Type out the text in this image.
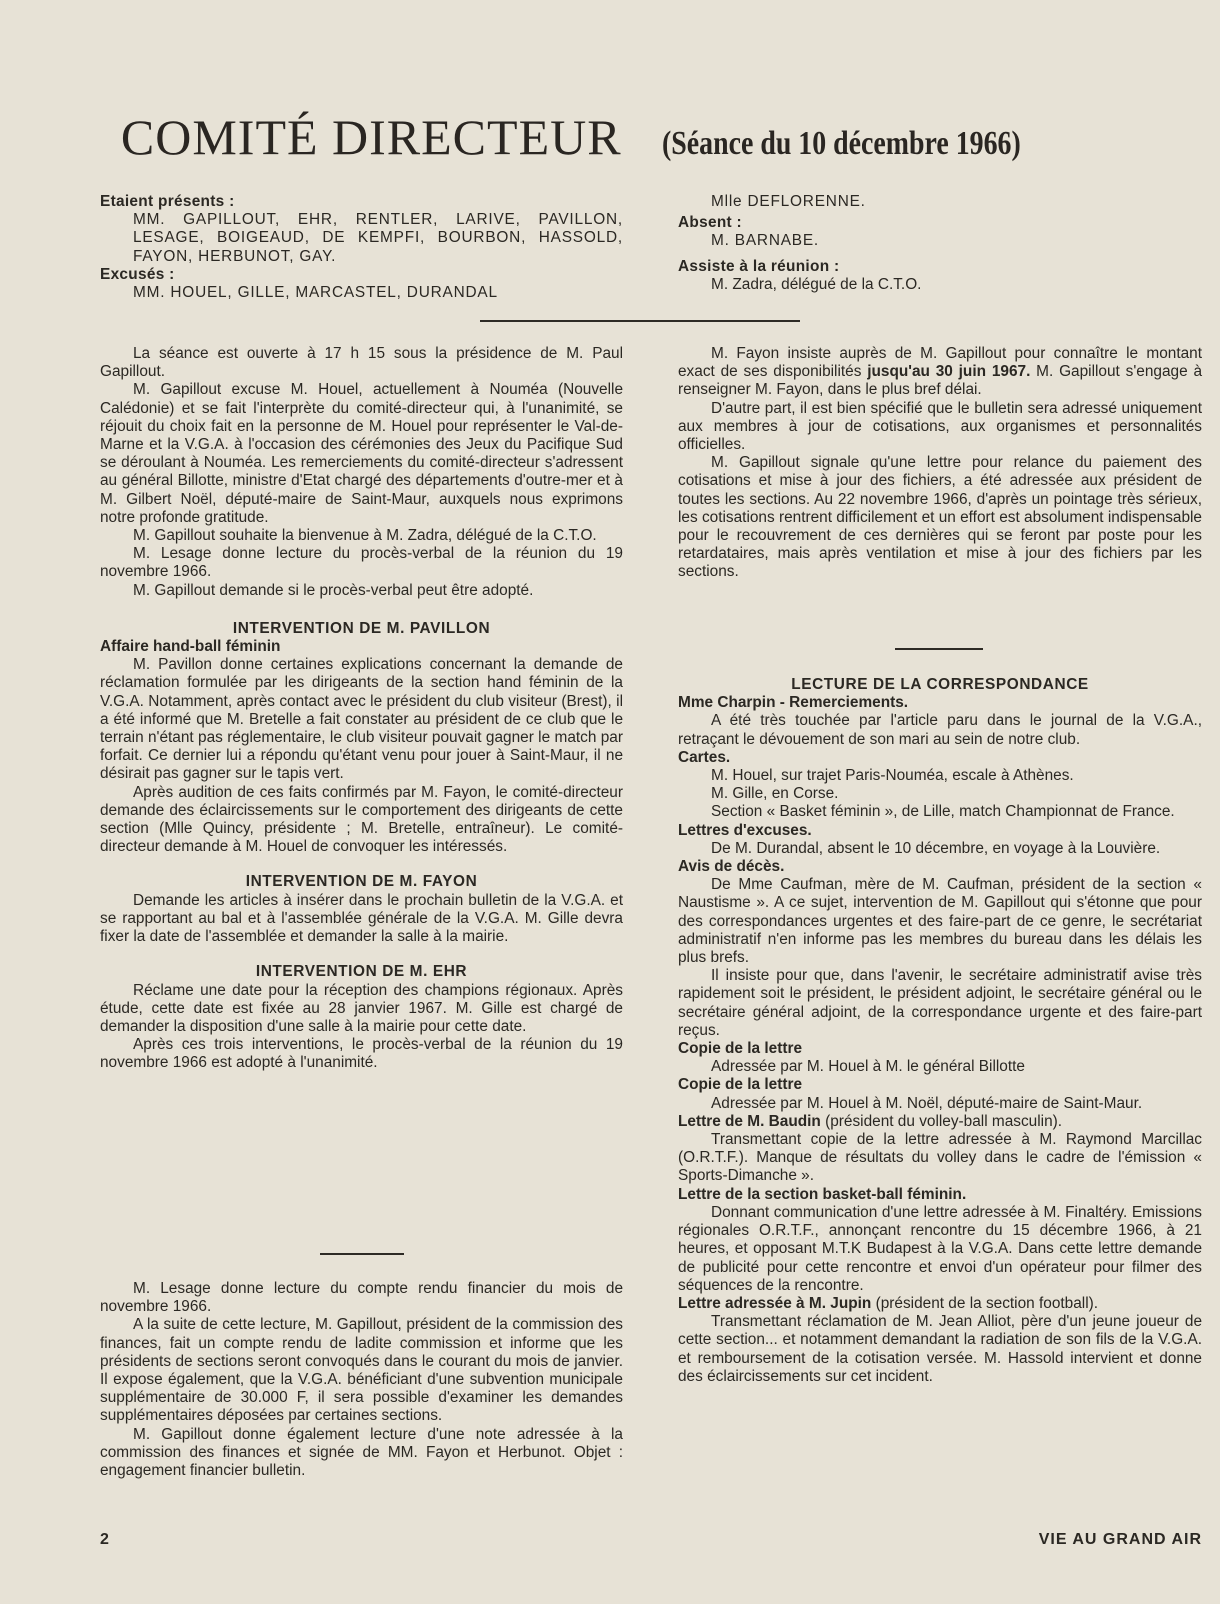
COMITÉ DIRECTEUR (Séance du 10 décembre 1966)
Etaient présents :
MM. GAPILLOUT, EHR, RENTLER, LARIVE, PAVILLON, LESAGE, BOIGEAUD, DE KEMPFI, BOURBON, HASSOLD, FAYON, HERBUNOT, GAY.
Excusés :
MM. HOUEL, GILLE, MARCASTEL, DURANDAL
Mlle DEFLORENNE.
Absent :
M. BARNABE.
Assiste à la réunion :
M. Zadra, délégué de la C.T.O.

La séance est ouverte à 17 h 15 sous la présidence de M. Paul Gapillout.

M. Gapillout excuse M. Houel, actuellement à Nouméa (Nouvelle Calédonie) et se fait l'interprète du comité-directeur qui, à l'unanimité, se réjouit du choix fait en la personne de M. Houel pour représenter le Val-de-Marne et la V.G.A. à l'occasion des cérémonies des Jeux du Pacifique Sud se déroulant à Nouméa. Les remerciements du comité-directeur s'adressent au général Billotte, ministre d'Etat chargé des départements d'outre-mer et à M. Gilbert Noël, député-maire de Saint-Maur, auxquels nous exprimons notre profonde gratitude.

M. Gapillout souhaite la bienvenue à M. Zadra, délégué de la C.T.O.

M. Lesage donne lecture du procès-verbal de la réunion du 19 novembre 1966.

M. Gapillout demande si le procès-verbal peut être adopté.

INTERVENTION DE M. PAVILLON

Affaire hand-ball féminin

M. Pavillon donne certaines explications concernant la demande de réclamation formulée par les dirigeants de la section hand féminin de la V.G.A. Notamment, après contact avec le président du club visiteur (Brest), il a été informé que M. Bretelle a fait constater au président de ce club que le terrain n'étant pas réglementaire, le club visiteur pouvait gagner le match par forfait. Ce dernier lui a répondu qu'étant venu pour jouer à Saint-Maur, il ne désirait pas gagner sur le tapis vert.

Après audition de ces faits confirmés par M. Fayon, le comité-directeur demande des éclaircissements sur le comportement des dirigeants de cette section (Mlle Quincy, présidente ; M. Bretelle, entraîneur). Le comité-directeur demande à M. Houel de convoquer les intéressés.

INTERVENTION DE M. FAYON

Demande les articles à insérer dans le prochain bulletin de la V.G.A. et se rapportant au bal et à l'assemblée générale de la V.G.A. M. Gille devra fixer la date de l'assemblée et demander la salle à la mairie.

INTERVENTION DE M. EHR

Réclame une date pour la réception des champions régionaux. Après étude, cette date est fixée au 28 janvier 1967. M. Gille est chargé de demander la disposition d'une salle à la mairie pour cette date.

Après ces trois interventions, le procès-verbal de la réunion du 19 novembre 1966 est adopté à l'unanimité.

M. Lesage donne lecture du compte rendu financier du mois de novembre 1966.

A la suite de cette lecture, M. Gapillout, président de la commission des finances, fait un compte rendu de ladite commission et informe que les présidents de sections seront convoqués dans le courant du mois de janvier. Il expose également, que la V.G.A. bénéficiant d'une subvention municipale supplémentaire de 30.000 F, il sera possible d'examiner les demandes supplémentaires déposées par certaines sections.

M. Gapillout donne également lecture d'une note adressée à la commission des finances et signée de MM. Fayon et Herbunot. Objet : engagement financier bulletin.

M. Fayon insiste auprès de M. Gapillout pour connaître le montant exact de ses disponibilités jusqu'au 30 juin 1967. M. Gapillout s'engage à renseigner M. Fayon, dans le plus bref délai.

D'autre part, il est bien spécifié que le bulletin sera adressé uniquement aux membres à jour de cotisations, aux organismes et personnalités officielles.

M. Gapillout signale qu'une lettre pour relance du paiement des cotisations et mise à jour des fichiers, a été adressée aux président de toutes les sections. Au 22 novembre 1966, d'après un pointage très sérieux, les cotisations rentrent difficilement et un effort est absolument indispensable pour le recouvrement de ces dernières qui se feront par poste pour les retardataires, mais après ventilation et mise à jour des fichiers par les sections.

LECTURE DE LA CORRESPONDANCE

Mme Charpin - Remerciements.

A été très touchée par l'article paru dans le journal de la V.G.A., retraçant le dévouement de son mari au sein de notre club.

Cartes.

M. Houel, sur trajet Paris-Nouméa, escale à Athènes.

M. Gille, en Corse.

Section « Basket féminin », de Lille, match Championnat de France.

Lettres d'excuses.

De M. Durandal, absent le 10 décembre, en voyage à la Louvière.

Avis de décès.

De Mme Caufman, mère de M. Caufman, président de la section « Naustisme ». A ce sujet, intervention de M. Gapillout qui s'étonne que pour des correspondances urgentes et des faire-part de ce genre, le secrétariat administratif n'en informe pas les membres du bureau dans les délais les plus brefs.

Il insiste pour que, dans l'avenir, le secrétaire administratif avise très rapidement soit le président, le président adjoint, le secrétaire général ou le secrétaire général adjoint, de la correspondance urgente et des faire-part reçus.

Copie de la lettre

Adressée par M. Houel à M. le général Billotte

Copie de la lettre

Adressée par M. Houel à M. Noël, député-maire de Saint-Maur.

Lettre de M. Baudin (président du volley-ball masculin).

Transmettant copie de la lettre adressée à M. Raymond Marcillac (O.R.T.F.). Manque de résultats du volley dans le cadre de l'émission « Sports-Dimanche ».

Lettre de la section basket-ball féminin.

Donnant communication d'une lettre adressée à M. Finaltéry. Emissions régionales O.R.T.F., annonçant rencontre du 15 décembre 1966, à 21 heures, et opposant M.T.K Budapest à la V.G.A. Dans cette lettre demande de publicité pour cette rencontre et envoi d'un opérateur pour filmer des séquences de la rencontre.

Lettre adressée à M. Jupin (président de la section football).

Transmettant réclamation de M. Jean Alliot, père d'un jeune joueur de cette section... et notamment demandant la radiation de son fils de la V.G.A. et remboursement de la cotisation versée. M. Hassold intervient et donne des éclaircissements sur cet incident.

2	VIE AU GRAND AIR
